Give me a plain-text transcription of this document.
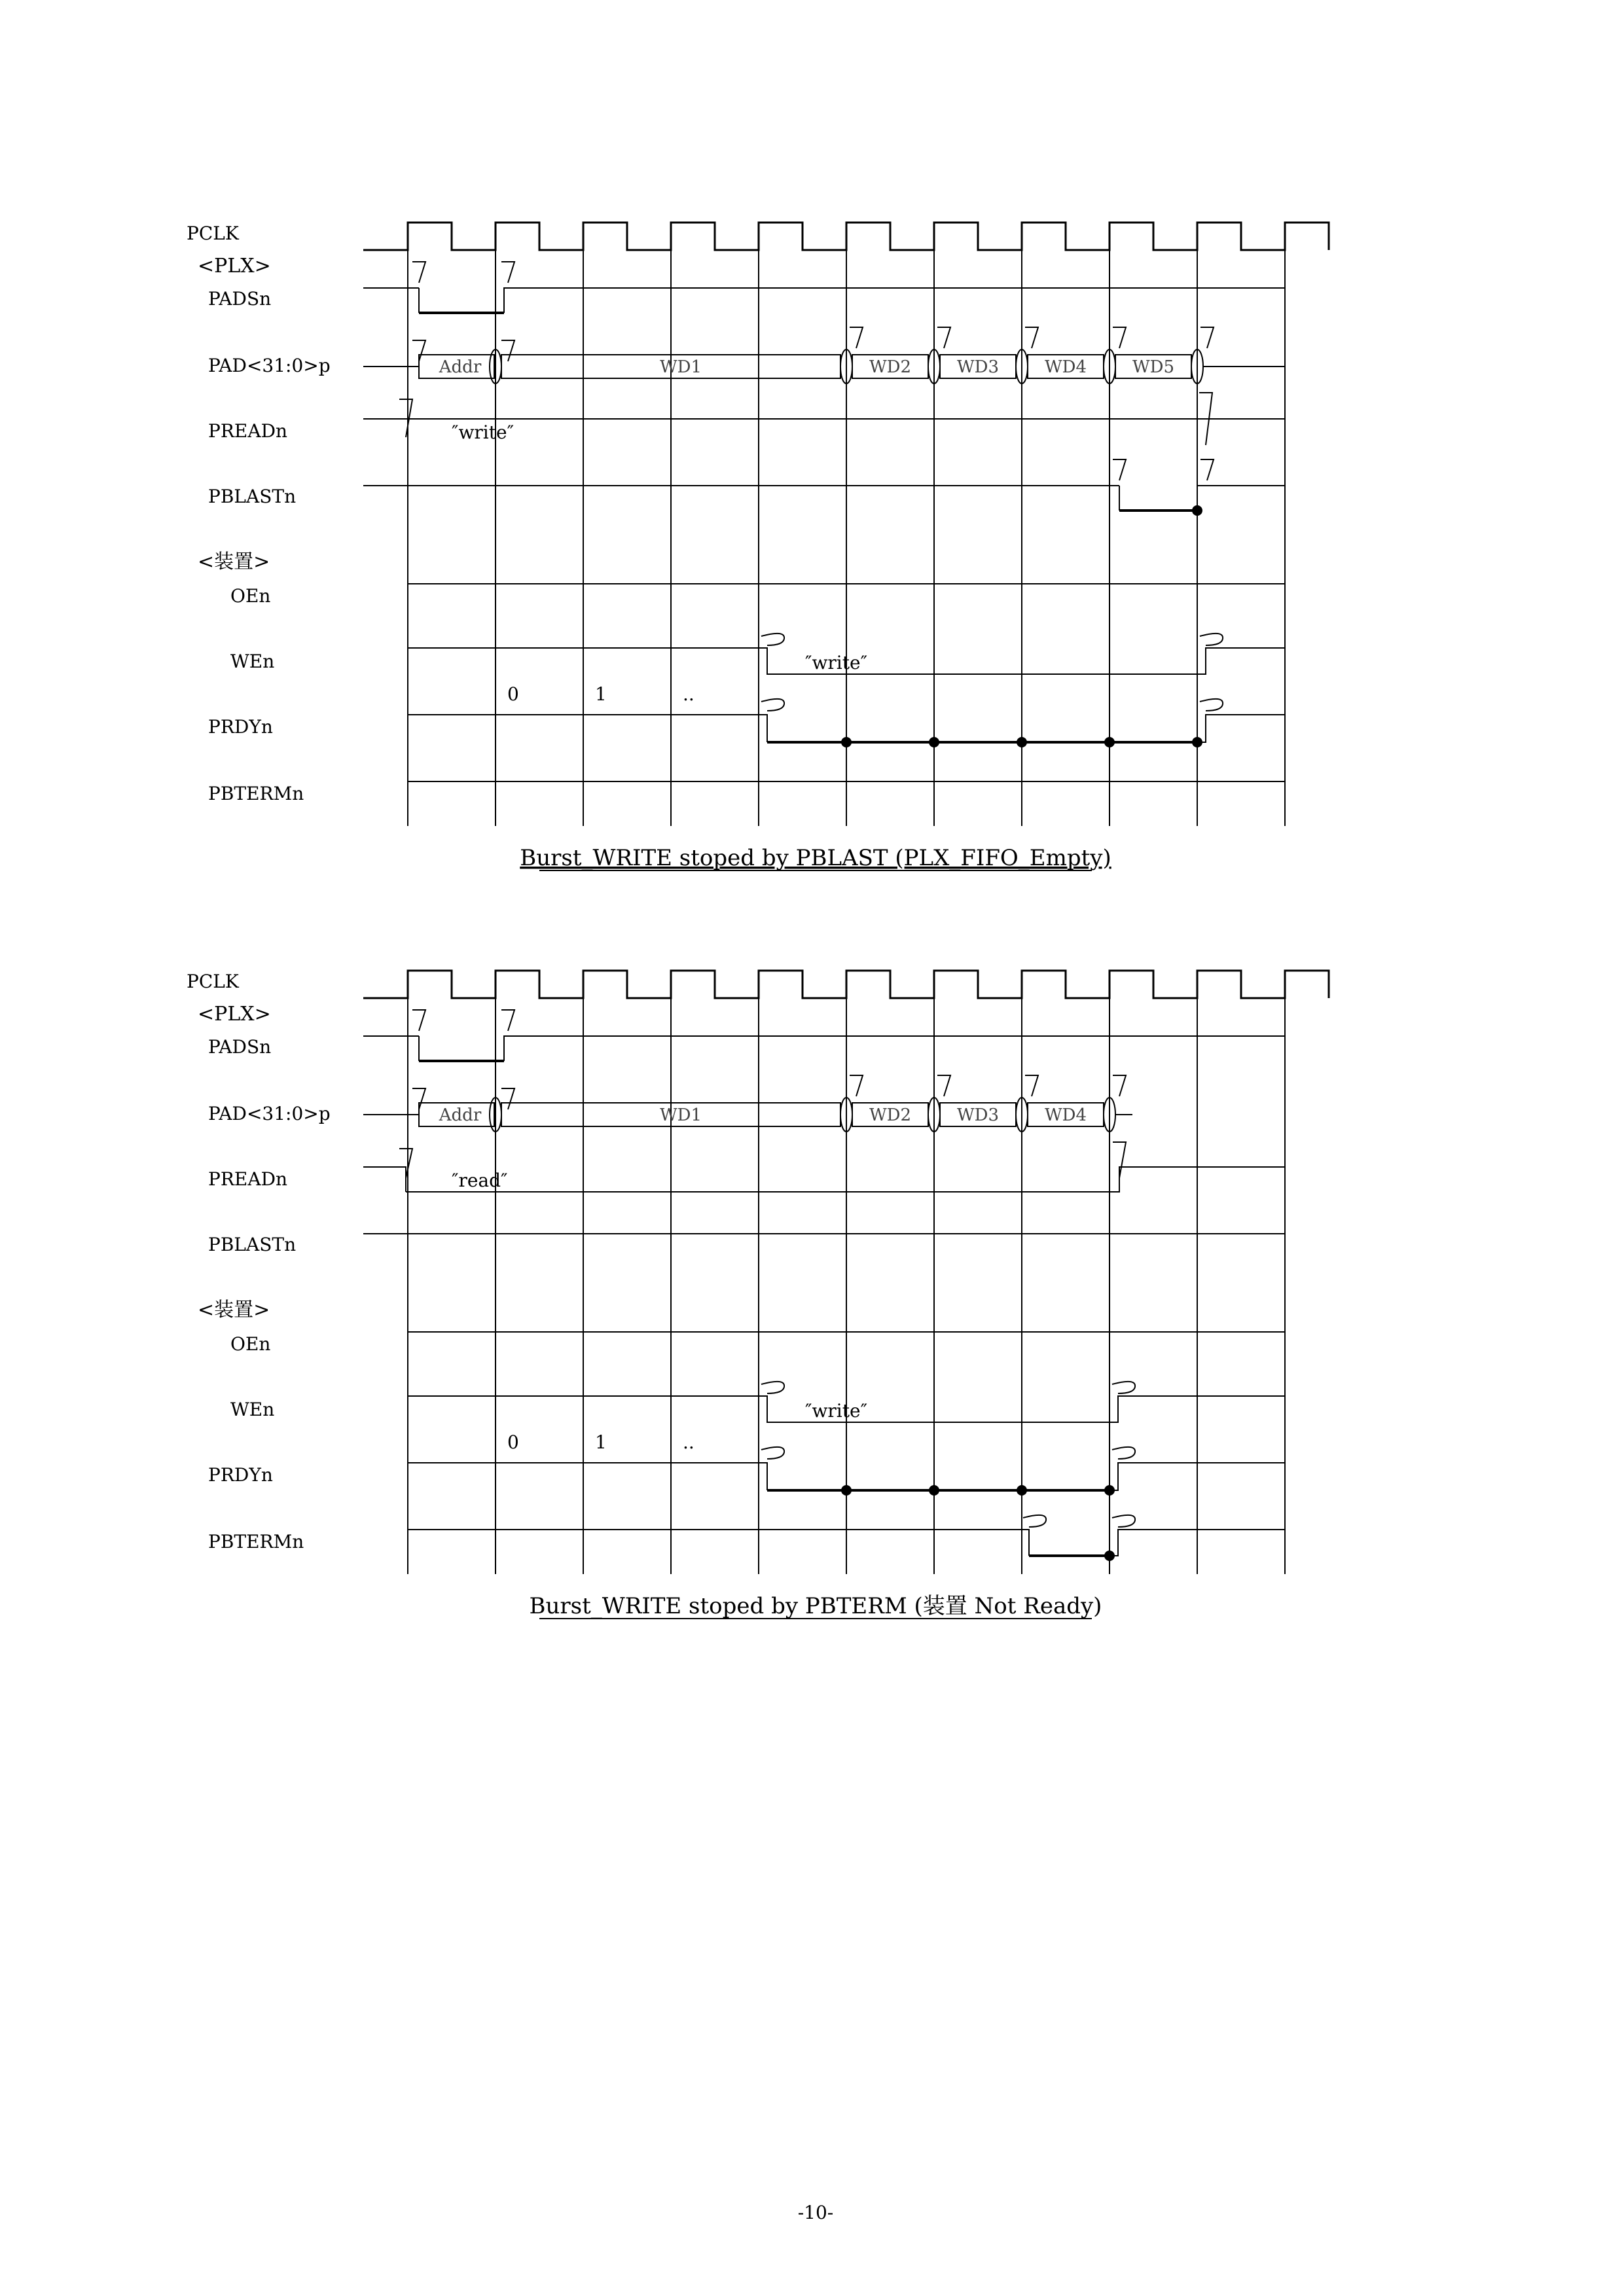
PCLK
<PLX>
PADSn
PAD<31:0>p
PREADn
PBLASTn
<装置>
OEn
WEn
PRDYn
PBTERMn
Addr	WD1	WD2	WD3	WD4	WD5
″write″
″write″
0	1	..
Burst_WRITE stoped by PBLAST (PLX_FIFO_Empty)
PCLK
<PLX>
PADSn
PAD<31:0>p
PREADn
PBLASTn
<装置>
OEn
WEn
PRDYn
PBTERMn
Addr	WD1	WD2	WD3	WD4
″read″
″write″
0	1	..
Burst_WRITE stoped by PBTERM (装置 Not Ready)
-10-
